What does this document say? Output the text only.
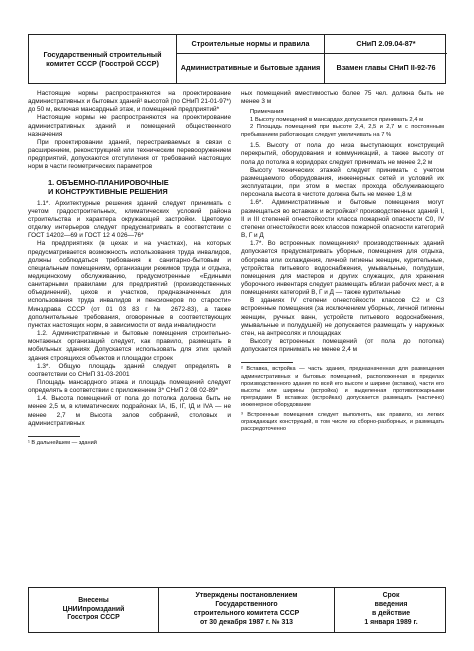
Государственный строительный комитет СССР (Госстрой СССР)
Строительные нормы и правила
Административные и бытовые здания
СНиП 2.09.04-87*
Взамен главы СНиП II-92-76

Настоящие нормы распространяются на проектирование административных и бытовых зданий¹ высотой (по СНиП 21-01-97*) до 50 м, включая мансардный этаж, и помещений предприятий*

Настоящие нормы не распространяются на проектирование административных зданий и помещений общественного назначения

При проектировании зданий, перестраиваемых в связи с расширением, реконструкцией или техническим перевооружением предприятий, допускаются отступления от требований настоящих норм в части геометрических параметров

1. ОБЪЕМНО-ПЛАНИРОВОЧНЫЕ
И КОНСТРУКТИВНЫЕ РЕШЕНИЯ

1.1*. Архитектурные решения зданий следует принимать с учетом градостроительных, климатических условий района строительства и характера окружающей застройки. Цветовую отделку интерьеров следует предусматривать в соответствии с ГОСТ 14202—69 и ГОСТ 12 4 026—76*

На предприятиях (в цехах и на участках), на которых предусматривается возможность использования труда инвалидов, должны соблюдаться требования к санитарно-бытовым и специальным помещениям, организации режимов труда и отдыха, медицинскому обслуживанию, предусмотренные «Едиными санитарными правилами для предприятий (производственных объединений), цехов и участков, предназначенных для использования труда инвалидов и пенсионеров по старости» Минздрава СССР (от 01 03 83 г № 2672-83), а также дополнительные требования, оговоренные в соответствующих пунктах настоящих норм, в зависимости от вида инвалидности

1.2. Административные и бытовые помещения строительно-монтажных организаций следует, как правило, размещать в мобильных зданиях Допускается использовать для этих целей здания строящихся объектов и площадки строек

1.3*. Общую площадь зданий следует определять в соответствии со СНиП 31-03-2001

Площадь мансардного этажа и площадь помещений следует определять в соответствии с приложением 3* СНиП 2 08 02-89*

1.4. Высота помещений от пола до потолка должна быть не менее 2,5 м, в климатических подрайонах IA, IБ, IГ, IД и IVA — не менее 2,7 м Высота залов собраний, столовых и административных

¹ В дальнейшем — зданий

ных помещений вместимостью более 75 чел. должна быть не менее 3 м

Примечания

1 Высоту помещений в мансардах допускается принимать 2,4 м

2 Площадь помещений при высоте 2,4, 2,5 и 2,7 м с постоянным пребыванием работающих следует увеличивать на 7 %

1.5. Высоту от пола до низа выступающих конструкций перекрытий, оборудования и коммуникаций, а также высоту от пола до потолка в коридорах следует принимать не менее 2,2 м

Высоту технических этажей следует принимать с учетом размещаемого оборудования, инженерных сетей и условий их эксплуатации, при этом в местах прохода обслуживающего персонала высота в чистоте должна быть не менее 1,8 м

1.6*. Административные и бытовые помещения могут размещаться во вставках и встройках² производственных зданий I, II и III степеней огнестойкости класса пожарной опасности С0, IV степени огнестойкости всех классов пожарной опасности категорий В, Г и Д

1.7*. Во встроенных помещениях³ производственных зданий допускается предусматривать уборные, помещения для отдыха, обогрева или охлаждения, личной гигиены женщин, курительные, устройства питьевого водоснабжения, умывальные, полудуши, помещения для мастеров и других служащих, для хранения уборочного инвентаря следует размещать вблизи рабочих мест, а в помещениях категорий В, Г и Д — также курительные

В зданиях IV степени огнестойкости классов С2 и С3 встроенные помещения (за исключением уборных, личной гигиены женщин, ручных ванн, устройств питьевого водоснабжения, умывальные и полудушей) не допускается размещать у наружных стен, на антресолях и площадках

Высоту встроенных помещений (от пола до потолка) допускается принимать не менее 2,4 м

² Вставка, встройка — часть здания, предназначенная для размещения административных и бытовых помещений, расположенная в пределах производственного здания по всей его высоте и ширине (вставка), части его высоты или ширины (встройка) и выделенная противопожарными преградами В вставках (встройках) допускается размещать (частично) инженерное оборудование
³ Встроенные помещения следует выполнять, как правило, из легких ограждающих конструкций, в том числе из сборно-разборных, и размещать рассредоточенно
Внесены
ЦНИИпромзданий
Госстроя СССР
Утверждены постановлением
Государственного
строительного комитета СССР
от 30 декабря 1987 г. № 313
Срок
введения
в действие
1 января 1989 г.
